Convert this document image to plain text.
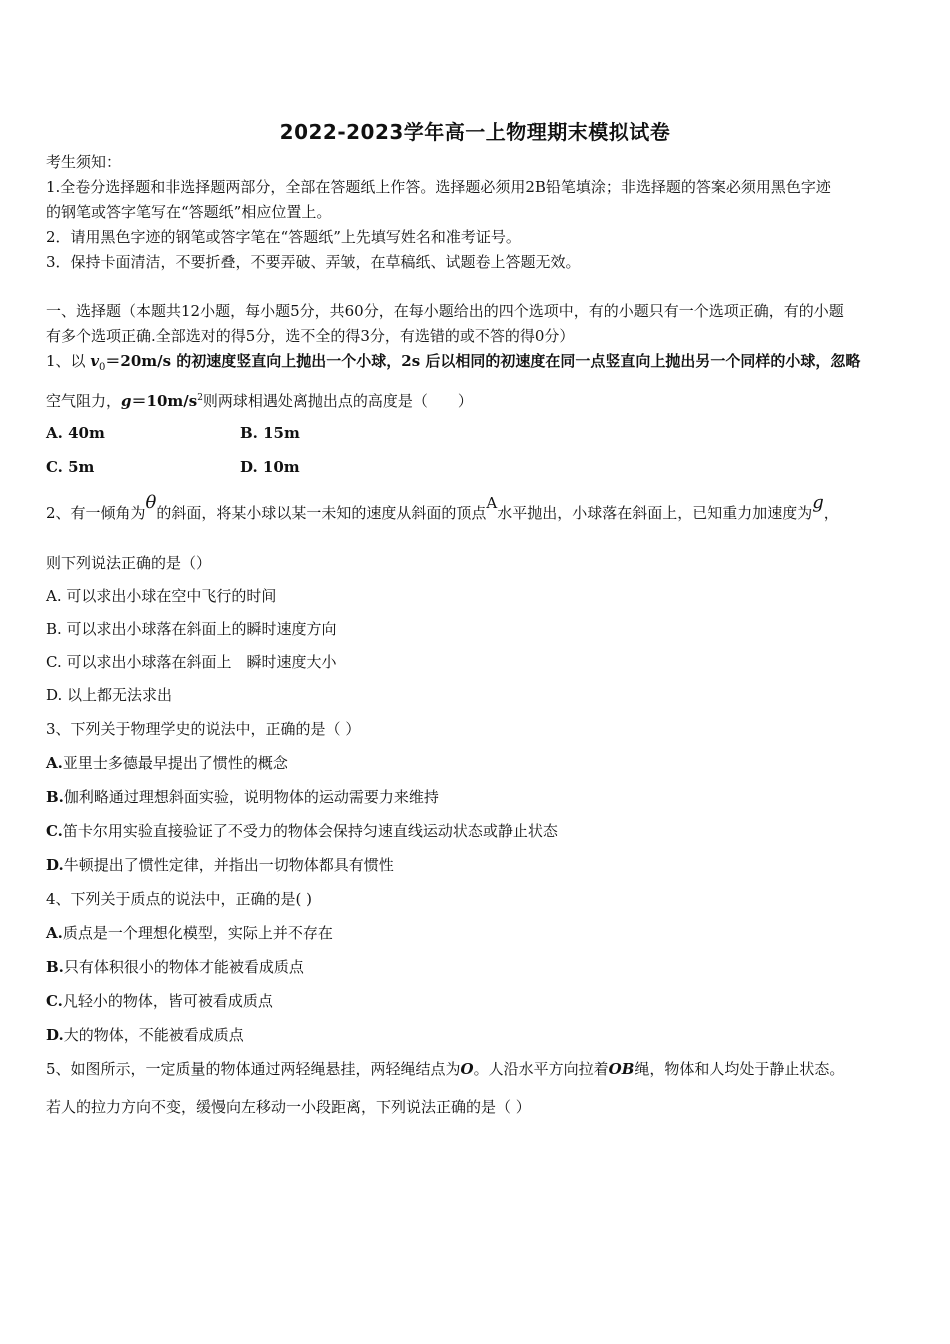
2022-2023学年高一上物理期末模拟试卷
考生须知：
1.全卷分选择题和非选择题两部分，全部在答题纸上作答。选择题必须用2B铅笔填涂；非选择题的答案必须用黑色字迹
的钢笔或答字笔写在“答题纸”相应位置上。
2．请用黑色字迹的钢笔或答字笔在“答题纸”上先填写姓名和准考证号。
3．保持卡面清洁，不要折叠，不要弄破、弄皱，在草稿纸、试题卷上答题无效。
一、选择题（本题共12小题，每小题5分，共60分，在每小题给出的四个选项中，有的小题只有一个选项正确，有的小题
有多个选项正确.全部选对的得5分，选不全的得3分，有选错的或不答的得0分）
1、以 $v_0=20m/s$ 的初速度竖直向上抛出一个小球，2s 后以相同的初速度在同一点竖直向上抛出另一个同样的小球，忽略
空气阻力，$g=10m/s^2$则两球相遇处离抛出点的高度是（　　）
A. 40m	B. 15m
C. 5m	D. 10m
2、有一倾角为θ的斜面，将某小球以某一未知的速度从斜面的顶点A水平抛出，小球落在斜面上，已知重力加速度为g，
则下列说法正确的是（）
A. 可以求出小球在空中飞行的时间
B. 可以求出小球落在斜面上的瞬时速度方向
C. 可以求出小球落在斜面上　瞬时速度大小
D. 以上都无法求出
3、下列关于物理学史的说法中，正确的是（ ）
A.亚里士多德最早提出了惯性的概念
B.伽利略通过理想斜面实验，说明物体的运动需要力来维持
C.笛卡尔用实验直接验证了不受力的物体会保持匀速直线运动状态或静止状态
D.牛顿提出了惯性定律，并指出一切物体都具有惯性
4、下列关于质点的说法中，正确的是( )
A.质点是一个理想化模型，实际上并不存在
B.只有体积很小的物体才能被看成质点
C.凡轻小的物体，皆可被看成质点
D.大的物体，不能被看成质点
5、如图所示，一定质量的物体通过两轻绳悬挂，两轻绳结点为O。人沿水平方向拉着OB绳，物体和人均处于静止状态。
若人的拉力方向不变，缓慢向左移动一小段距离，下列说法正确的是（ ）
